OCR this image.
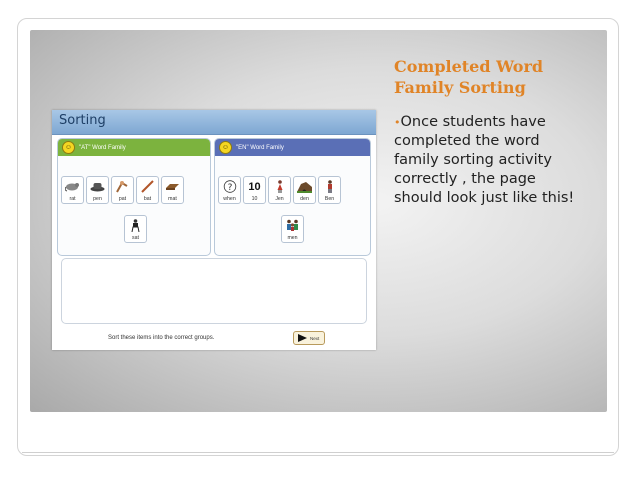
Completed Word Family Sorting
•Once students have completed the word family sorting activity correctly , the page should look just like this!
Sorting
☺	"AT" Word Family
rat	pen	pat	bat	mat
sat
☺	"EN" Word Family
?
when
10
10	Jen	den	Ben
men
Sort these items into the correct groups.	Next
